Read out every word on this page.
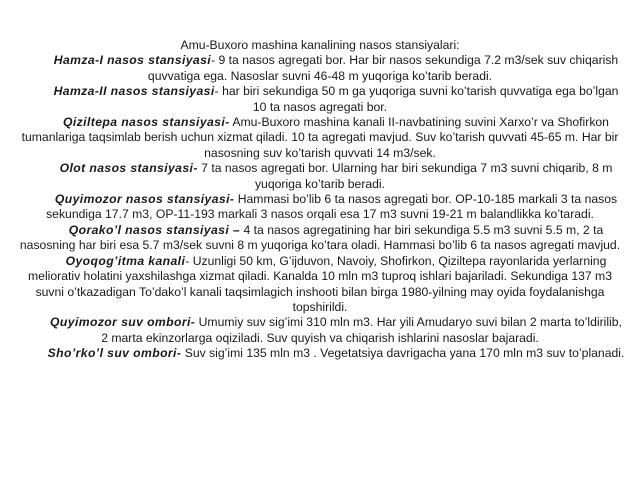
Amu-Buxoro mashina kanalining nasos stansiyalari:

Hamza-I nasos stansiyasi- 9 ta nasos agregati bor. Har bir nasos sekundiga 7.2 m3/sek suv chiqarish quvvatiga ega. Nasoslar suvni 46-48 m yuqoriga ko’tarib beradi.

Hamza-II nasos stansiyasi- har biri sekundiga 50 m ga yuqoriga suvni ko’tarish quvvatiga ega bo’lgan 10 ta nasos agregati bor.

Qiziltepa nasos stansiyasi- Amu-Buxoro mashina kanali II-navbatining suvini Xarxo’r va Shofirkon tumanlariga taqsimlab berish uchun xizmat qiladi. 10 ta agregati mavjud. Suv ko’tarish quvvati 45-65 m. Har bir nasosning suv ko’tarish quvvati 14 m3/sek.

Olot nasos stansiyasi- 7 ta nasos agregati bor. Ularning har biri sekundiga 7 m3 suvni chiqarib, 8 m yuqoriga ko’tarib beradi.

Quyimozor nasos stansiyasi- Hammasi bo’lib 6 ta nasos agregati bor. OP-10-185 markali 3 ta nasos sekundiga 17.7 m3, OP-11-193 markali 3 nasos orqali esa 17 m3 suvni 19-21 m balandlikka ko’taradi.

Qorako’l nasos stansiyasi – 4 ta nasos agregatining har biri sekundiga 5.5 m3 suvni 5.5 m, 2 ta nasosning har biri esa 5.7 m3/sek suvni 8 m yuqoriga ko’tara oladi. Hammasi bo’lib 6 ta nasos agregati mavjud.

Oyoqog’itma kanali- Uzunligi 50 km, G’ijduvon, Navoiy, Shofirkon, Qiziltepa rayonlarida yerlarning meliorativ holatini yaxshilashga xizmat qiladi. Kanalda 10 mln m3 tuproq ishlari bajariladi. Sekundiga 137 m3 suvni o’tkazadigan To’dako’l kanali taqsimlagich inshooti bilan birga 1980-yilning may oyida foydalanishga topshirildi.

Quyimozor suv ombori- Umumiy suv sig’imi 310 mln m3. Har yili Amudaryo suvi bilan 2 marta to’ldirilib, 2 marta ekinzorlarga oqiziladi. Suv quyish va chiqarish ishlarini nasoslar bajaradi.

Sho’rko’l suv ombori- Suv sig’imi 135 mln m3 . Vegetatsiya davrigacha yana 170 mln m3 suv to’planadi.
